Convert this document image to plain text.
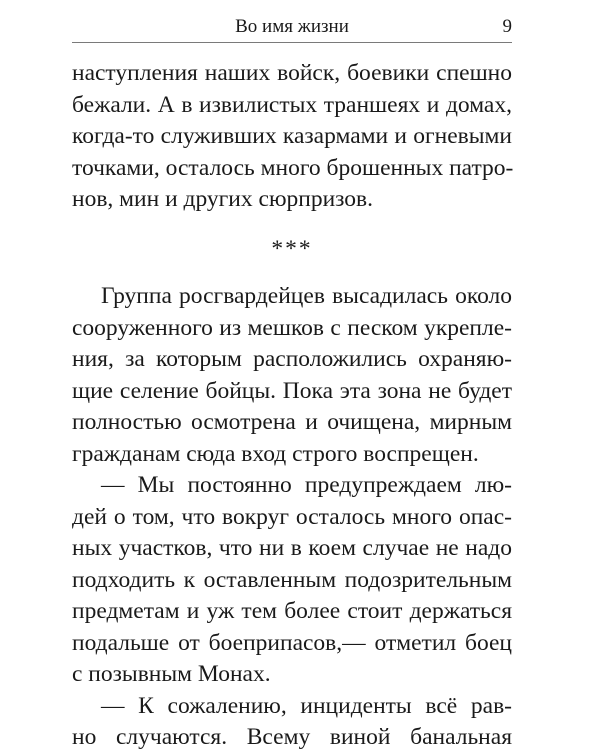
Во имя жизни	9
наступления наших войск, боевики спешно
бежали. А в извилистых траншеях и домах,
когда-то служивших казармами и огневыми
точками, осталось много брошенных патро-
нов, мин и других сюрпризов.
***
Группа росгвардейцев высадилась около
сооруженного из мешков с песком укрепле-
ния, за которым расположились охраняю-
щие селение бойцы. Пока эта зона не будет
полностью осмотрена и очищена, мирным
гражданам сюда вход строго воспрещен.
— Мы постоянно предупреждаем лю-
дей о том, что вокруг осталось много опас-
ных участков, что ни в коем случае не надо
подходить к оставленным подозрительным
предметам и уж тем более стоит держаться
подальше от боеприпасов,— отметил боец
с позывным Монах.
— К сожалению, инциденты всё рав-
но случаются. Всему виной банальная
